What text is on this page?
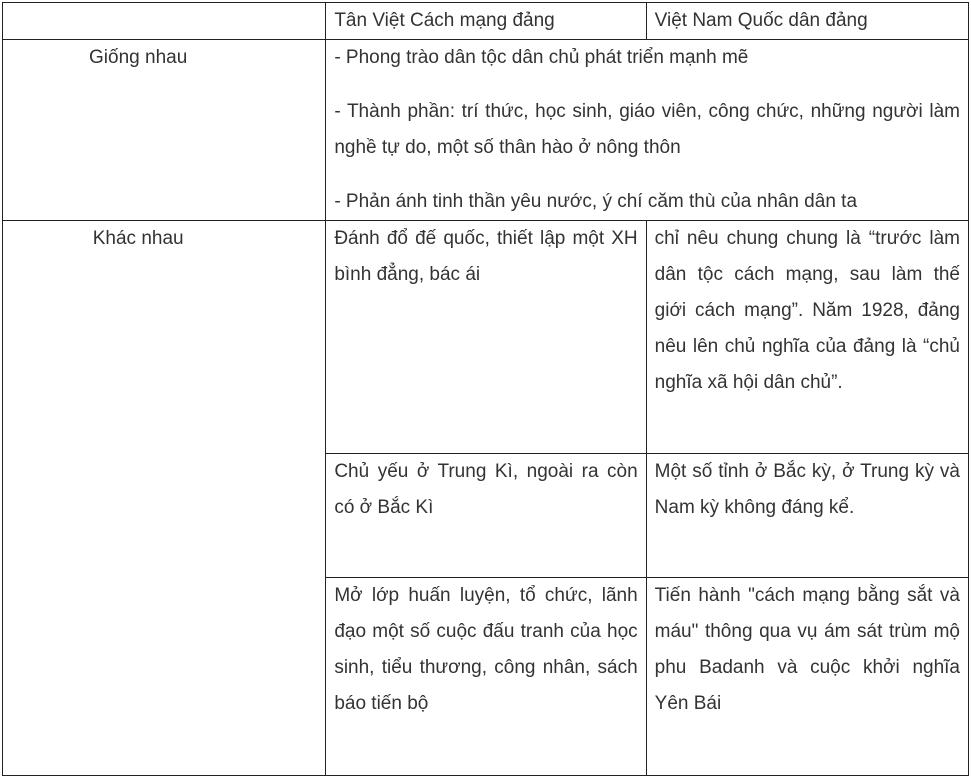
	Tân Việt Cách mạng đảng	Việt Nam Quốc dân đảng

Giống nhau	- Phong trào dân tộc dân chủ phát triển mạnh mẽ

- Thành phần: trí thức, học sinh, giáo viên, công chức, những người làm nghề tự do, một số thân hào ở nông thôn

- Phản ánh tinh thần yêu nước, ý chí căm thù của nhân dân ta	

Khác nhau	Đánh đổ đế quốc, thiết lập một XH bình đẳng, bác ái	chỉ nêu chung chung là “trước làm dân tộc cách mạng, sau làm thế giới cách mạng”. Năm 1928, đảng nêu lên chủ nghĩa của đảng là “chủ nghĩa xã hội dân chủ”.

	Chủ yếu ở Trung Kì, ngoài ra còn có ở Bắc Kì	Một số tỉnh ở Bắc kỳ, ở Trung kỳ và Nam kỳ không đáng kể.

	Mở lớp huấn luyện, tổ chức, lãnh đạo một số cuộc đấu tranh của học sinh, tiểu thương, công nhân, sách báo tiến bộ	Tiến hành "cách mạng bằng sắt và máu" thông qua vụ ám sát trùm mộ phu Badanh và cuộc khởi nghĩa Yên Bái
